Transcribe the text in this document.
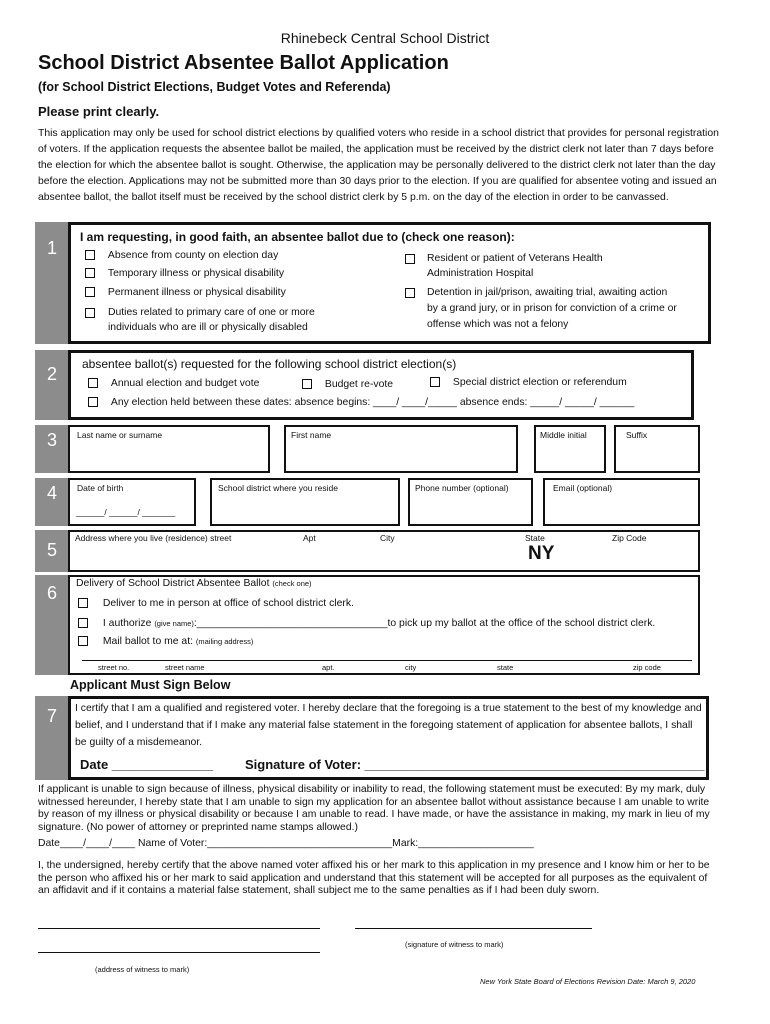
Rhinebeck Central School District
School District Absentee Ballot Application
(for School District Elections, Budget Votes and Referenda)
Please print clearly.
This application may only be used for school district elections by qualified voters who reside in a school district that provides for personal registration of voters. If the application requests the absentee ballot be mailed, the application must be received by the district clerk not later than 7 days before the election for which the absentee ballot is sought. Otherwise, the application may be personally delivered to the district clerk not later than the day before the election. Applications may not be submitted more than 30 days prior to the election. If you are qualified for absentee voting and issued an absentee ballot, the ballot itself must be received by the school district clerk by 5 p.m. on the day of the election in order to be canvassed.
1
I am requesting, in good faith, an absentee ballot due to (check one reason):
Absence from county on election day
Temporary illness or physical disability
Permanent illness or physical disability
Duties related to primary care of one or more individuals who are ill or physically disabled
Resident or patient of Veterans Health Administration Hospital
Detention in jail/prison, awaiting trial, awaiting action by a grand jury, or in prison for conviction of a crime or offense which was not a felony
2	absentee ballot(s) requested for the following school district election(s)
Annual election and budget vote	Budget re-vote	Special district election or referendum
Any election held between these dates: absence begins: ____/ ____/_____ absence ends: _____/ _____/ ______
3	Last name or surname	First name	Middle initial	Suffix
4	Date of birth
______/ ______/ _______
School district where you reside	Phone number (optional)	Email (optional)
5
Address where you live (residence) street	Apt	City	State
NY
Zip Code
6	Delivery of School District Absentee Ballot (check one)
Deliver to me in person at office of school district clerk.
I authorize (give name):_________________________________to pick up my ballot at the office of the school district clerk.
Mail ballot to me at: (mailing address)
street no.	street name	apt.	city	state	zip code
Applicant Must Sign Below
7	I certify that I am a qualified and registered voter. I hereby declare that the foregoing is a true statement to the best of my knowledge and belief, and I understand that if I make any material false statement in the foregoing statement of application for absentee ballots, I shall be guilty of a misdemeanor.
Date ______________ Signature of Voter: _______________________________________________
If applicant is unable to sign because of illness, physical disability or inability to read, the following statement must be executed: By my mark, duly witnessed hereunder, I hereby state that I am unable to sign my application for an absentee ballot without assistance because I am unable to write by reason of my illness or physical disability or because I am unable to read. I have made, or have the assistance in making, my mark in lieu of my signature. (No power of attorney or preprinted name stamps allowed.)
Date____/____/____ Name of Voter:________________________________Mark:____________________
I, the undersigned, hereby certify that the above named voter affixed his or her mark to this application in my presence and I know him or her to be the person who affixed his or her mark to said application and understand that this statement will be accepted for all purposes as the equivalent of an affidavit and if it contains a material false statement, shall subject me to the same penalties as if I had been duly sworn.
(signature of witness to mark)
(address of witness to mark)
New York State Board of Elections Revision Date: March 9, 2020
